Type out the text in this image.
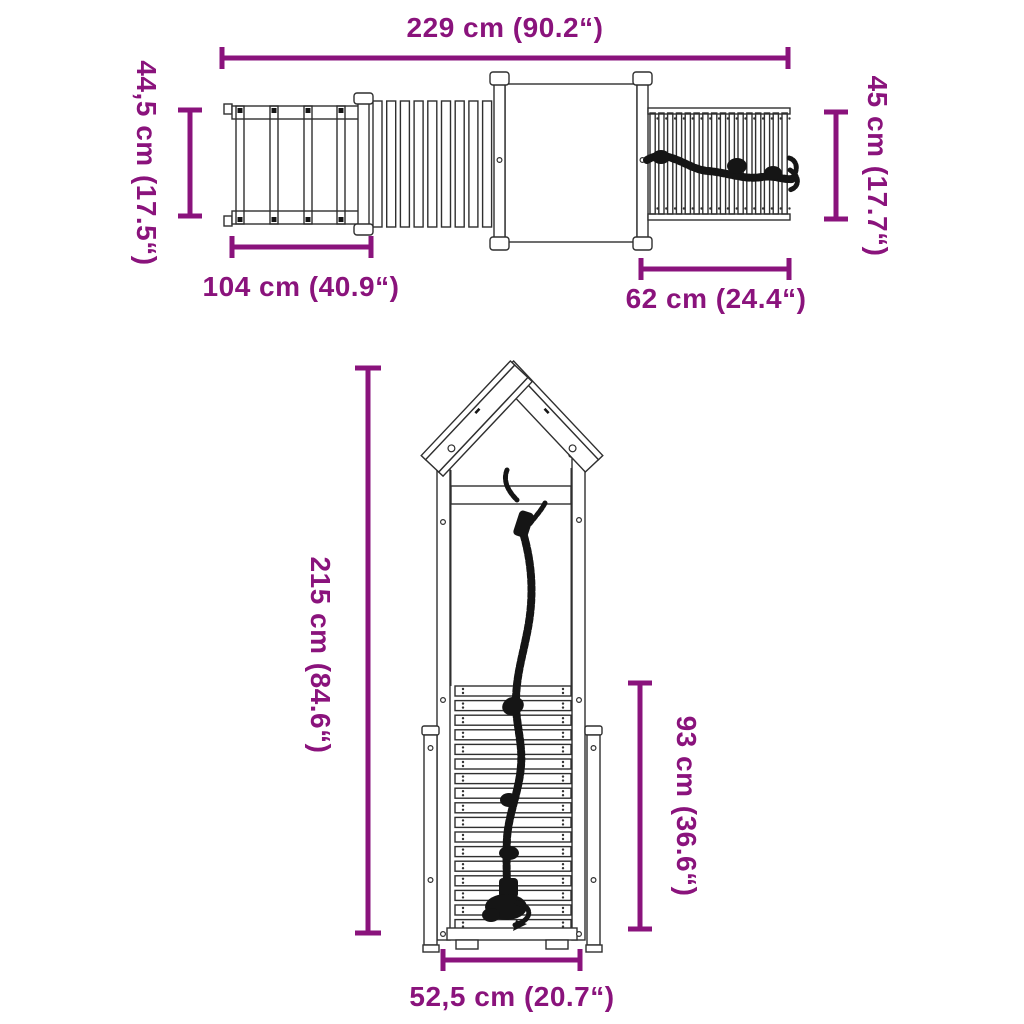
229 cm (90.2“)
44,5 cm (17.5“)	45 cm (17.7“)
104 cm (40.9“)	62 cm (24.4“)
215 cm (84.6“)
93 cm (36.6“)
52,5 cm (20.7“)
